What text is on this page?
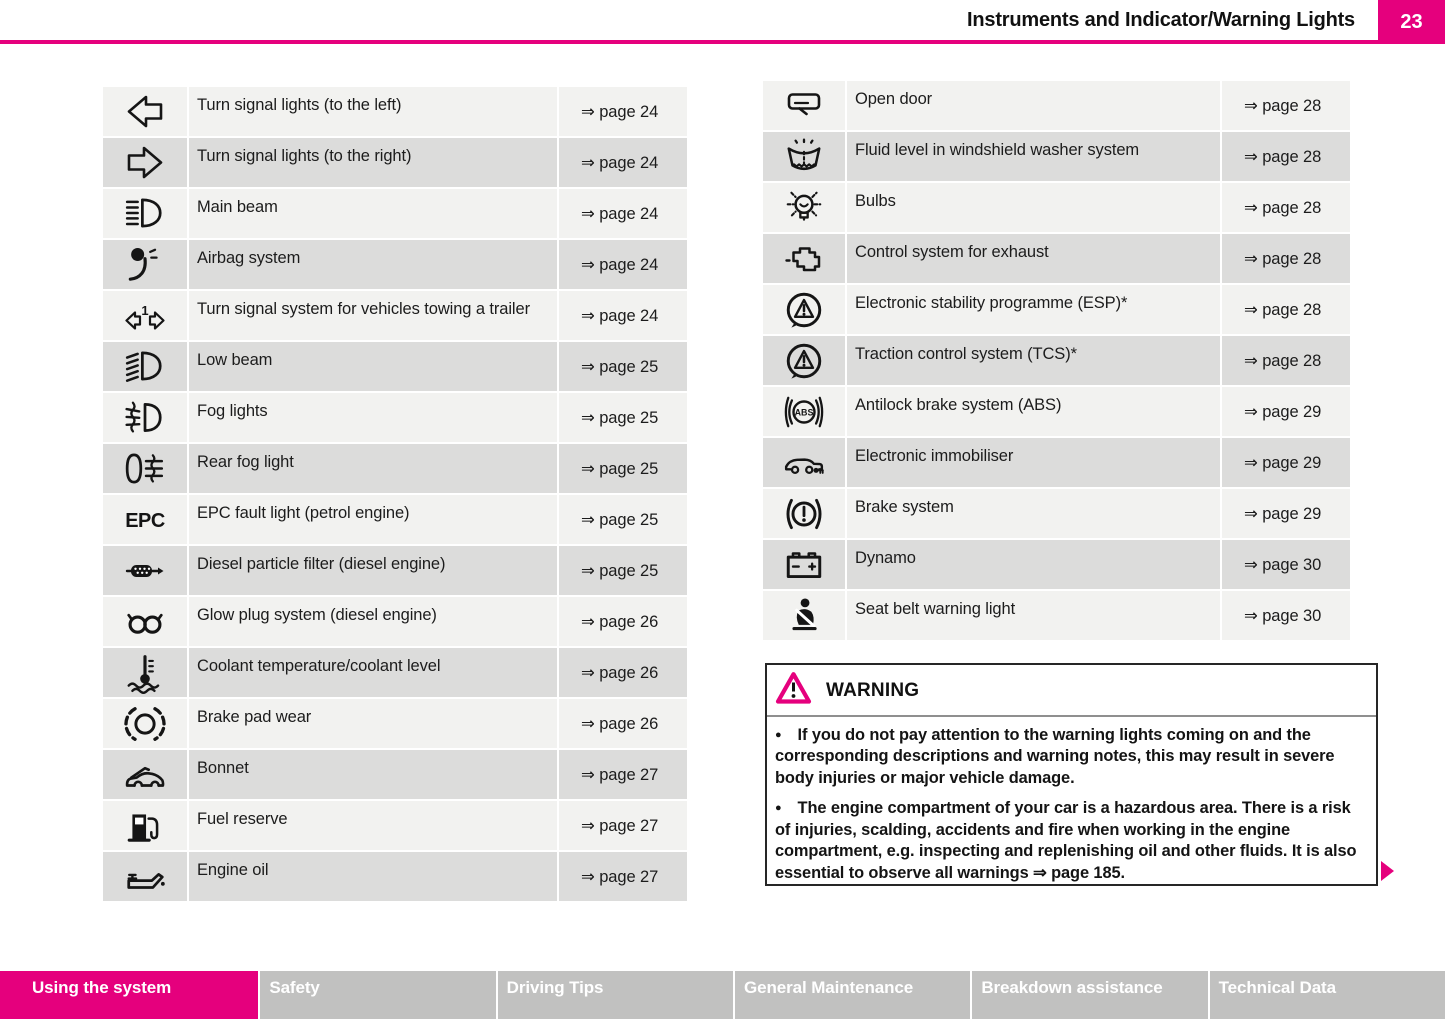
Instruments and Indicator/Warning Lights 23
Turn signal lights (to the left)	⇒ page 24
Turn signal lights (to the right)	⇒ page 24
Main beam	⇒ page 24
Airbag system	⇒ page 24
1	Turn signal system for vehicles towing a trailer	⇒ page 24
Low beam	⇒ page 25
Fog lights	⇒ page 25
Rear fog light	⇒ page 25
EPC	EPC fault light (petrol engine)	⇒ page 25
Diesel particle filter (diesel engine)	⇒ page 25
Glow plug system (diesel engine)	⇒ page 26
Coolant temperature/coolant level	⇒ page 26
Brake pad wear	⇒ page 26
Bonnet	⇒ page 27
Fuel reserve	⇒ page 27
Engine oil	⇒ page 27
Open door	⇒ page 28
Fluid level in windshield washer system	⇒ page 28
Bulbs	⇒ page 28
Control system for exhaust	⇒ page 28
Electronic stability programme (ESP)*	⇒ page 28
Traction control system (TCS)*	⇒ page 28
ABS	Antilock brake system (ABS)	⇒ page 29
Electronic immobiliser	⇒ page 29
Brake system	⇒ page 29
Dynamo	⇒ page 30
Seat belt warning light	⇒ page 30
WARNING

● If you do not pay attention to the warning lights coming on and the corresponding descriptions and warning notes, this may result in severe body injuries or major vehicle damage.

● The engine compartment of your car is a hazardous area. There is a risk of injuries, scalding, accidents and fire when working in the engine compartment, e.g. inspecting and replenishing oil and other fluids. It is also essential to observe all warnings ⇒ page 185.

Using the system	Safety	Driving Tips	General Maintenance	Breakdown assistance	Technical Data
